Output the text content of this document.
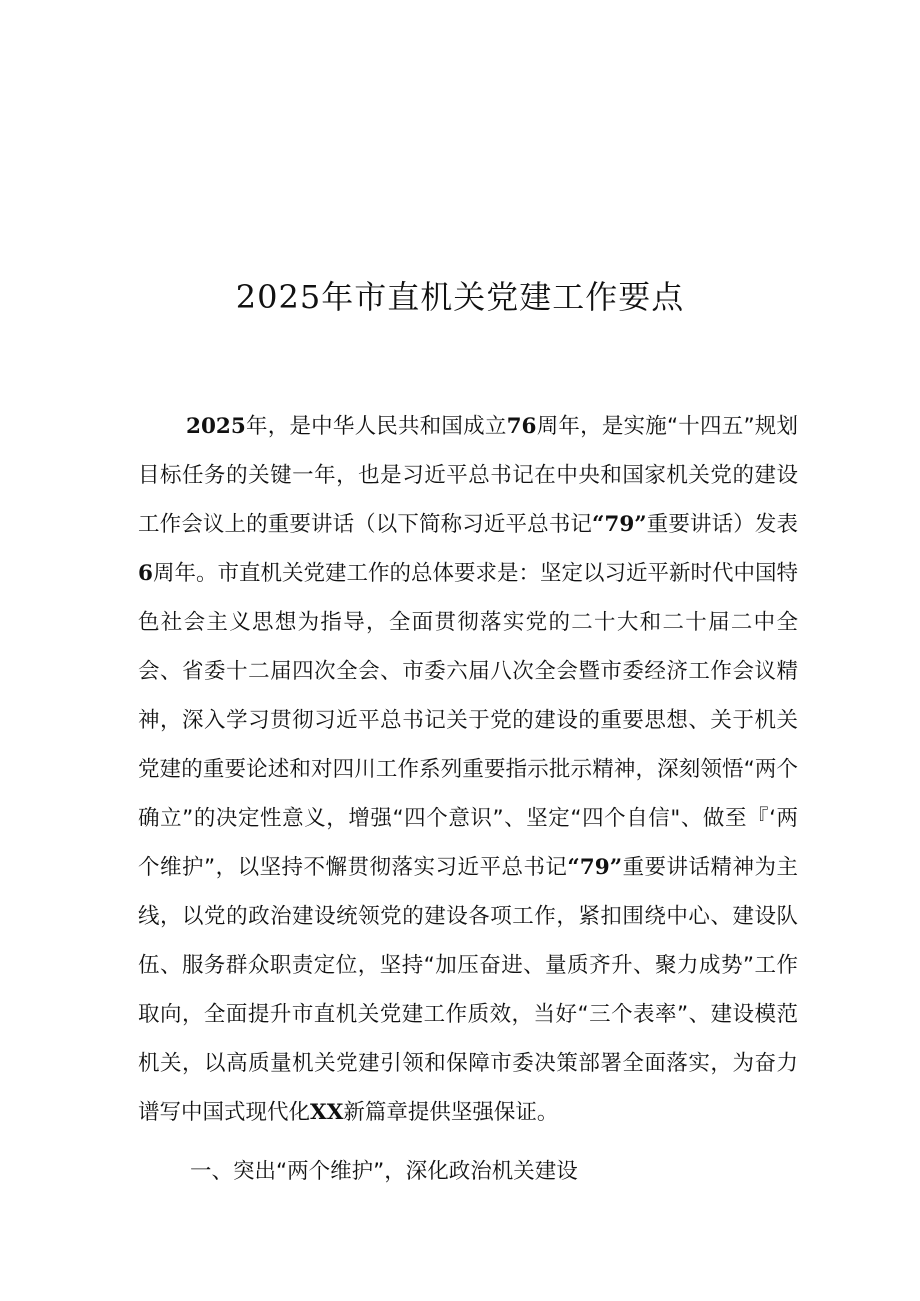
2025年市直机关党建工作要点

2025年，是中华人民共和国成立76周年，是实施“十四五”规划目标任务的关键一年，也是习近平总书记在中央和国家机关党的建设工作会议上的重要讲话（以下简称习近平总书记“79”重要讲话）发表6周年。市直机关党建工作的总体要求是：坚定以习近平新时代中国特色社会主义思想为指导，全面贯彻落实党的二十大和二十届二中全会、省委十二届四次全会、市委六届八次全会暨市委经济工作会议精神，深入学习贯彻习近平总书记关于党的建设的重要思想、关于机关党建的重要论述和对四川工作系列重要指示批示精神，深刻领悟“两个确立”的决定性意义，增强“四个意识”、坚定“四个自信"、做至『‘两个维护”，以坚持不懈贯彻落实习近平总书记“79”重要讲话精神为主线，以党的政治建设统领党的建设各项工作，紧扣围绕中心、建设队伍、服务群众职责定位，坚持“加压奋进、量质齐升、聚力成势”工作取向，全面提升市直机关党建工作质效，当好“三个表率”、建设模范机关，以高质量机关党建引领和保障市委决策部署全面落实，为奋力谱写中国式现代化XX新篇章提供坚强保证。

一、突出“两个维护”，深化政治机关建设
